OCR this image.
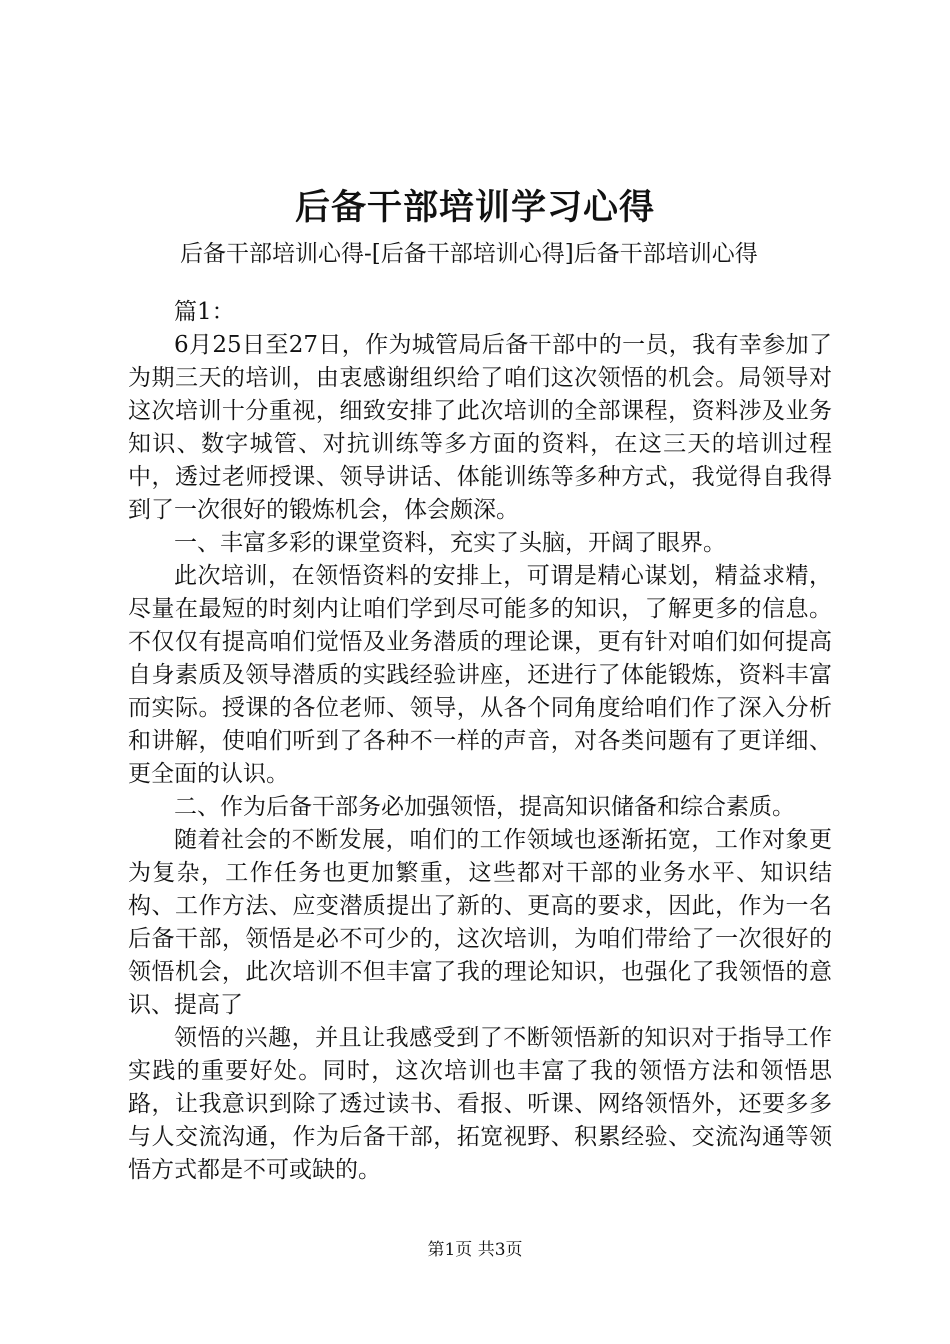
后备干部培训学习心得
后备干部培训心得-[后备干部培训心得]后备干部培训心得

篇1：

6月25日至27日，作为城管局后备干部中的一员，我有幸参加了为期三天的培训，由衷感谢组织给了咱们这次领悟的机会。局领导对这次培训十分重视，细致安排了此次培训的全部课程，资料涉及业务知识、数字城管、对抗训练等多方面的资料，在这三天的培训过程中，透过老师授课、领导讲话、体能训练等多种方式，我觉得自我得到了一次很好的锻炼机会，体会颇深。

一、丰富多彩的课堂资料，充实了头脑，开阔了眼界。

此次培训，在领悟资料的安排上，可谓是精心谋划，精益求精，尽量在最短的时刻内让咱们学到尽可能多的知识，了解更多的信息。不仅仅有提高咱们觉悟及业务潜质的理论课，更有针对咱们如何提高自身素质及领导潜质的实践经验讲座，还进行了体能锻炼，资料丰富而实际。授课的各位老师、领导，从各个同角度给咱们作了深入分析和讲解，使咱们听到了各种不一样的声音，对各类问题有了更详细、更全面的认识。

二、作为后备干部务必加强领悟，提高知识储备和综合素质。

随着社会的不断发展，咱们的工作领域也逐渐拓宽，工作对象更为复杂，工作任务也更加繁重，这些都对干部的业务水平、知识结构、工作方法、应变潜质提出了新的、更高的要求，因此，作为一名后备干部，领悟是必不可少的，这次培训，为咱们带给了一次很好的领悟机会，此次培训不但丰富了我的理论知识，也强化了我领悟的意识、提高了

领悟的兴趣，并且让我感受到了不断领悟新的知识对于指导工作实践的重要好处。同时，这次培训也丰富了我的领悟方法和领悟思路，让我意识到除了透过读书、看报、听课、网络领悟外，还要多多与人交流沟通，作为后备干部，拓宽视野、积累经验、交流沟通等领悟方式都是不可或缺的。

第1页 共3页
